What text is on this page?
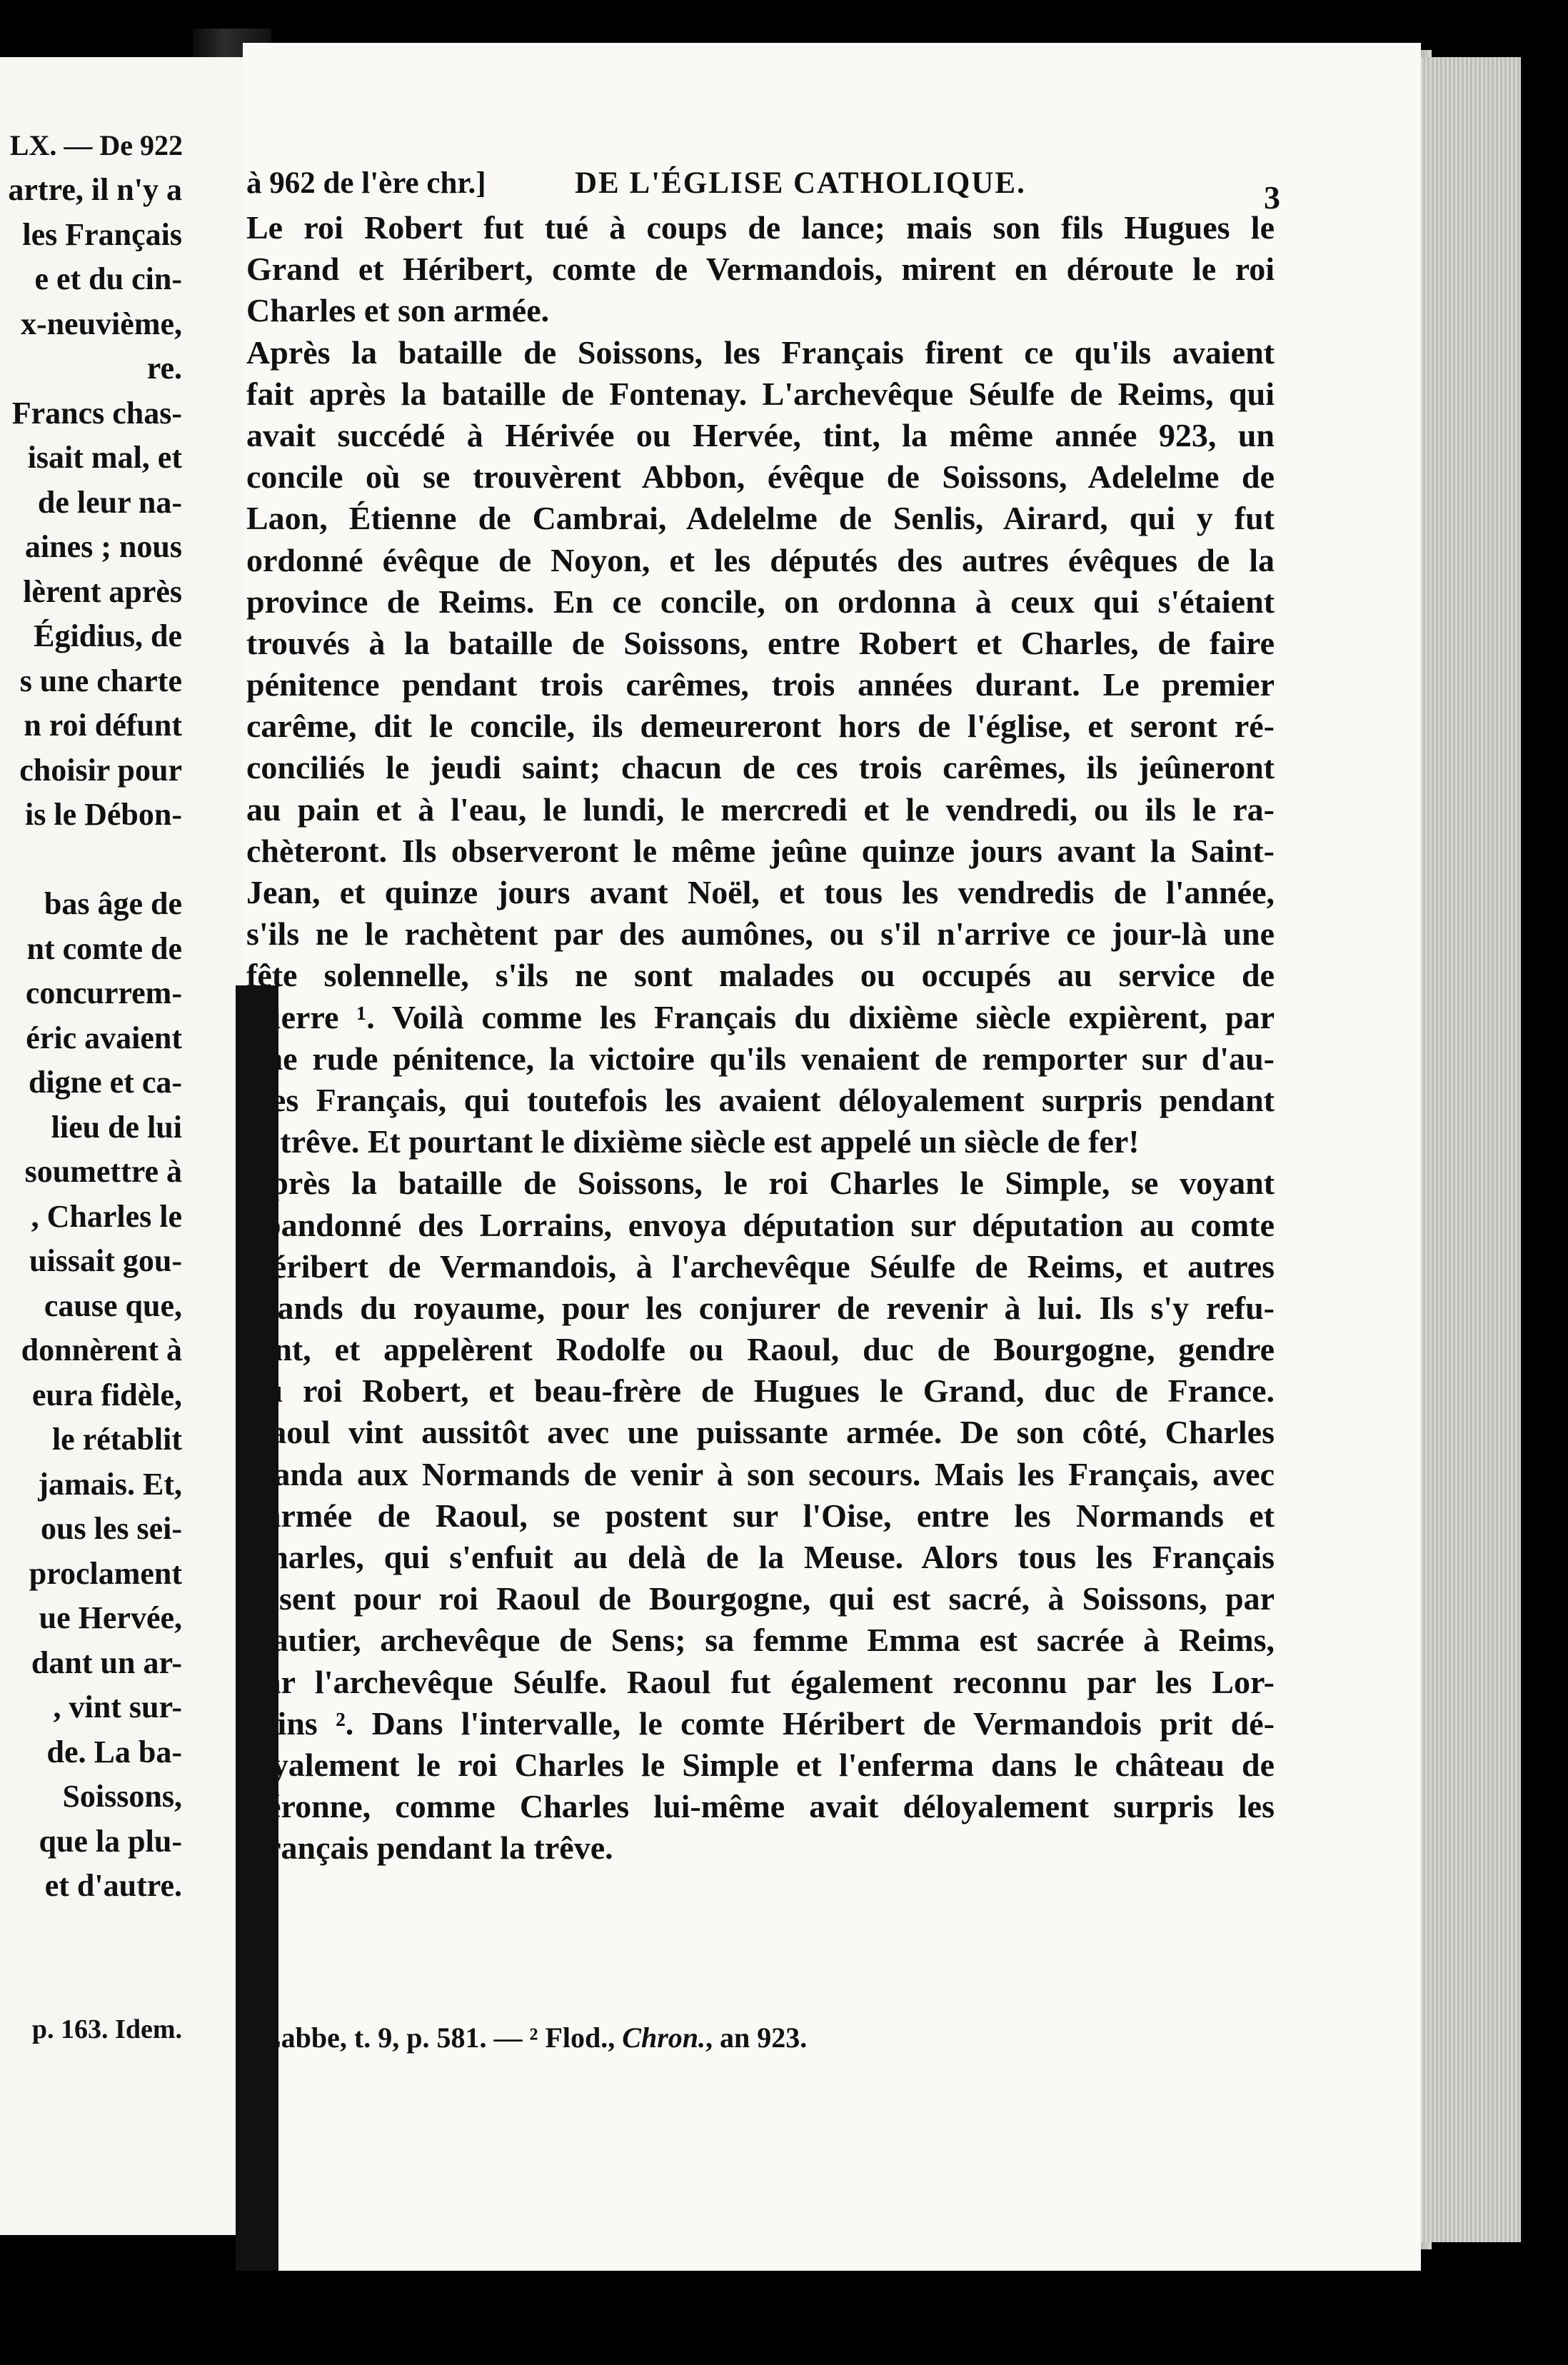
LX. — De 922
artre, il n'y a
les Français
e et du cin-
x-neuvième,
re.
Francs chas-
isait mal, et
de leur na-
aines ; nous
lèrent après
Égidius, de
s une charte
n roi défunt
choisir pour
is le Débon-
bas âge de
nt comte de
concurrem-
éric avaient
digne et ca-
lieu de lui
soumettre à
, Charles le
uissait gou-
cause que,
donnèrent à
eura fidèle,
le rétablit
jamais. Et,
ous les sei-
proclament
ue Hervée,
dant un ar-
, vint sur-
de. La ba-
Soissons,
que la plu-
et d'autre.
p. 163. Idem.
à 962 de l'ère chr.]	DE L'ÉGLISE CATHOLIQUE.	3
Le roi Robert fut tué à coups de lance; mais son fils Hugues le
Grand et Héribert, comte de Vermandois, mirent en déroute le roi
Charles et son armée.
Après la bataille de Soissons, les Français firent ce qu'ils avaient
fait après la bataille de Fontenay. L'archevêque Séulfe de Reims, qui
avait succédé à Hérivée ou Hervée, tint, la même année 923, un
concile où se trouvèrent Abbon, évêque de Soissons, Adelelme de
Laon, Étienne de Cambrai, Adelelme de Senlis, Airard, qui y fut
ordonné évêque de Noyon, et les députés des autres évêques de la
province de Reims. En ce concile, on ordonna à ceux qui s'étaient
trouvés à la bataille de Soissons, entre Robert et Charles, de faire
pénitence pendant trois carêmes, trois années durant. Le premier
carême, dit le concile, ils demeureront hors de l'église, et seront ré-
conciliés le jeudi saint; chacun de ces trois carêmes, ils jeûneront
au pain et à l'eau, le lundi, le mercredi et le vendredi, ou ils le ra-
chèteront. Ils observeront le même jeûne quinze jours avant la Saint-
Jean, et quinze jours avant Noël, et tous les vendredis de l'année,
s'ils ne le rachètent par des aumônes, ou s'il n'arrive ce jour-là une
fête solennelle, s'ils ne sont malades ou occupés au service de
guerre ¹. Voilà comme les Français du dixième siècle expièrent, par
une rude pénitence, la victoire qu'ils venaient de remporter sur d'au-
tres Français, qui toutefois les avaient déloyalement surpris pendant
la trêve. Et pourtant le dixième siècle est appelé un siècle de fer!
Après la bataille de Soissons, le roi Charles le Simple, se voyant
abandonné des Lorrains, envoya députation sur députation au comte
Héribert de Vermandois, à l'archevêque Séulfe de Reims, et autres
grands du royaume, pour les conjurer de revenir à lui. Ils s'y refu-
sent, et appelèrent Rodolfe ou Raoul, duc de Bourgogne, gendre
du roi Robert, et beau-frère de Hugues le Grand, duc de France.
Raoul vint aussitôt avec une puissante armée. De son côté, Charles
manda aux Normands de venir à son secours. Mais les Français, avec
l'armée de Raoul, se postent sur l'Oise, entre les Normands et
Charles, qui s'enfuit au delà de la Meuse. Alors tous les Français
élisent pour roi Raoul de Bourgogne, qui est sacré, à Soissons, par
Gautier, archevêque de Sens; sa femme Emma est sacrée à Reims,
par l'archevêque Séulfe. Raoul fut également reconnu par les Lor-
rains ². Dans l'intervalle, le comte Héribert de Vermandois prit dé-
loyalement le roi Charles le Simple et l'enferma dans le château de
Péronne, comme Charles lui-même avait déloyalement surpris les
Français pendant la trêve.
¹ Labbe, t. 9, p. 581. — ² Flod., Chron., an 923.
